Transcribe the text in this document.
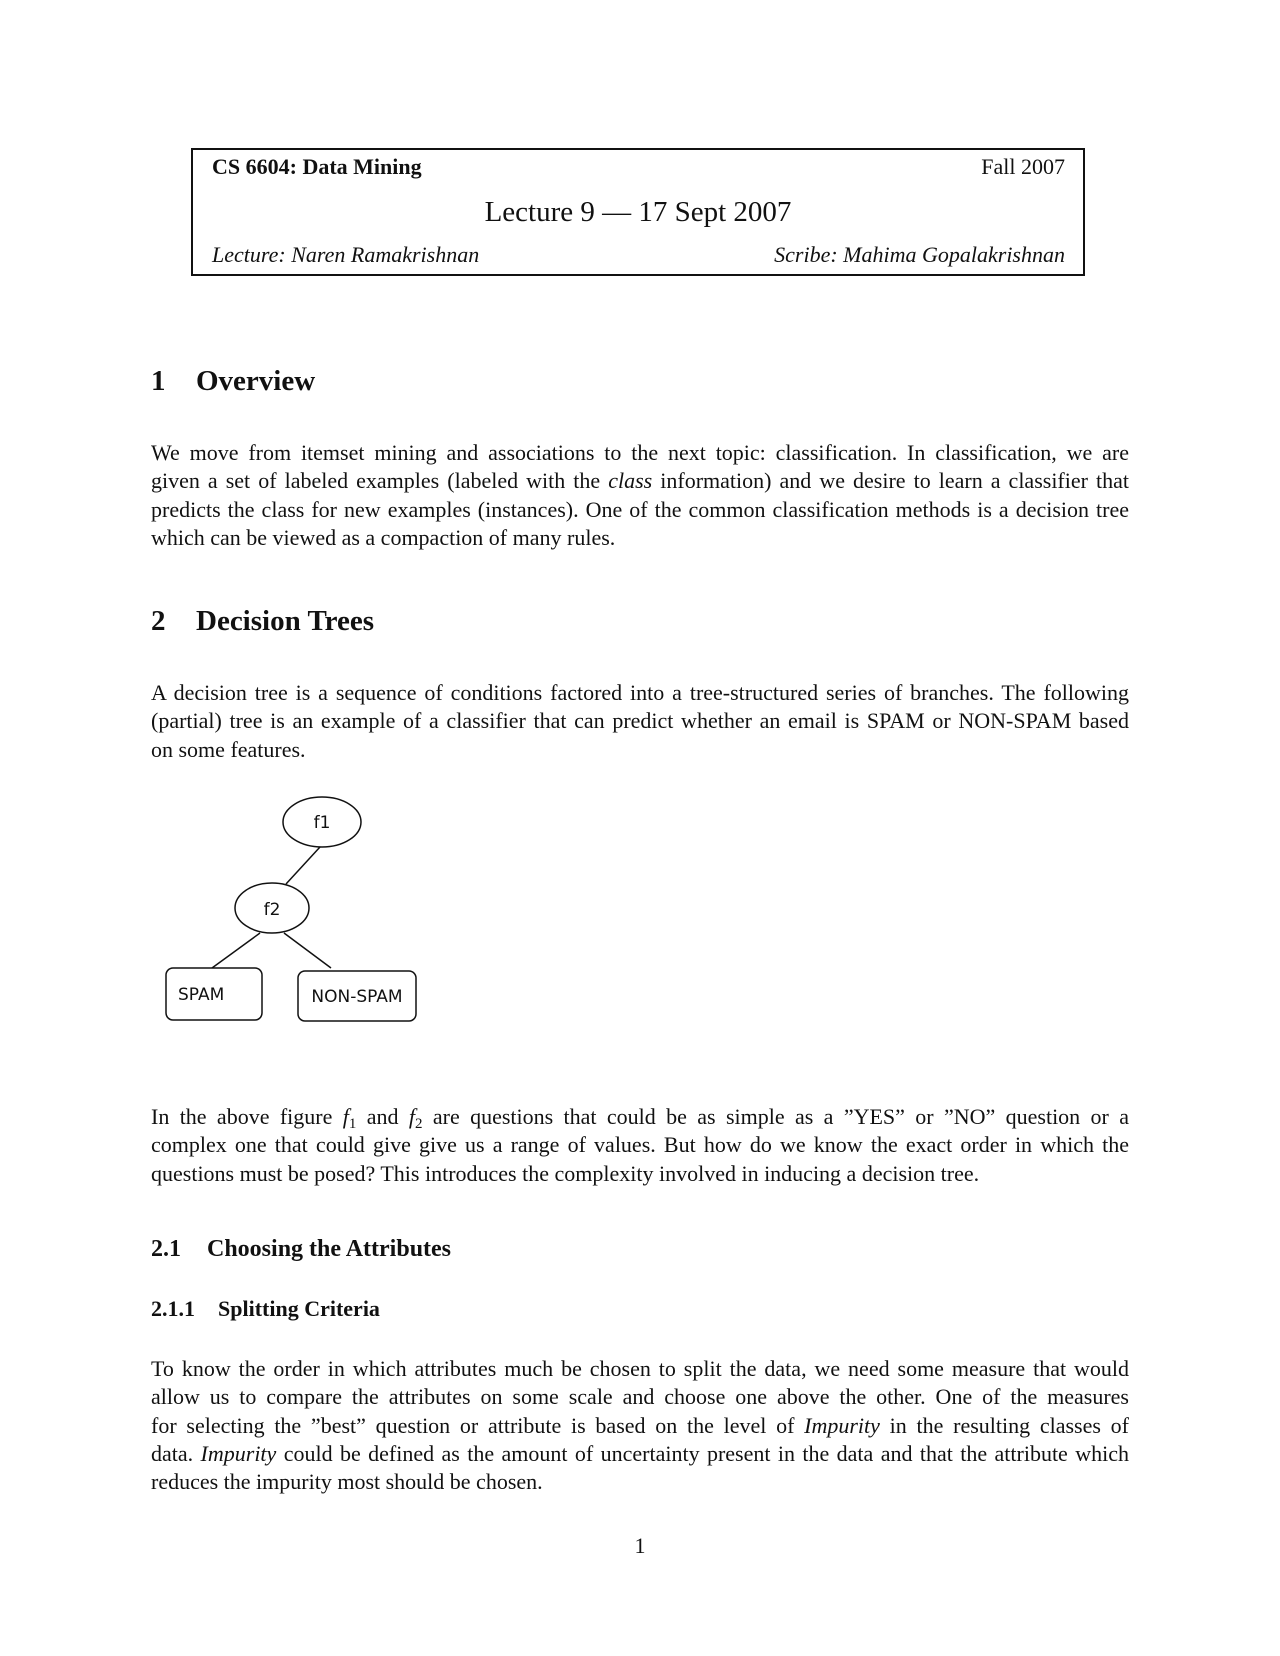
CS 6604: Data Mining	Fall 2007
Lecture 9 — 17 Sept 2007
Lecture: Naren Ramakrishnan	Scribe: Mahima Gopalakrishnan
1 Overview
We move from itemset mining and associations to the next topic: classification. In classification, we are
given a set of labeled examples (labeled with the class information) and we desire to learn a classifier that
predicts the class for new examples (instances). One of the common classification methods is a decision tree
which can be viewed as a compaction of many rules.
2 Decision Trees
A decision tree is a sequence of conditions factored into a tree-structured series of branches. The following
(partial) tree is an example of a classifier that can predict whether an email is SPAM or NON-SPAM based
on some features.
f1
f2
SPAM	NON-SPAM
In the above figure $f_1$ and $f_2$ are questions that could be as simple as a ”YES” or ”NO” question or a
complex one that could give give us a range of values. But how do we know the exact order in which the
questions must be posed? This introduces the complexity involved in inducing a decision tree.
2.1 Choosing the Attributes
2.1.1 Splitting Criteria
To know the order in which attributes much be chosen to split the data, we need some measure that would
allow us to compare the attributes on some scale and choose one above the other. One of the measures
for selecting the ”best” question or attribute is based on the level of Impurity in the resulting classes of
data. Impurity could be defined as the amount of uncertainty present in the data and that the attribute which
reduces the impurity most should be chosen.
1
